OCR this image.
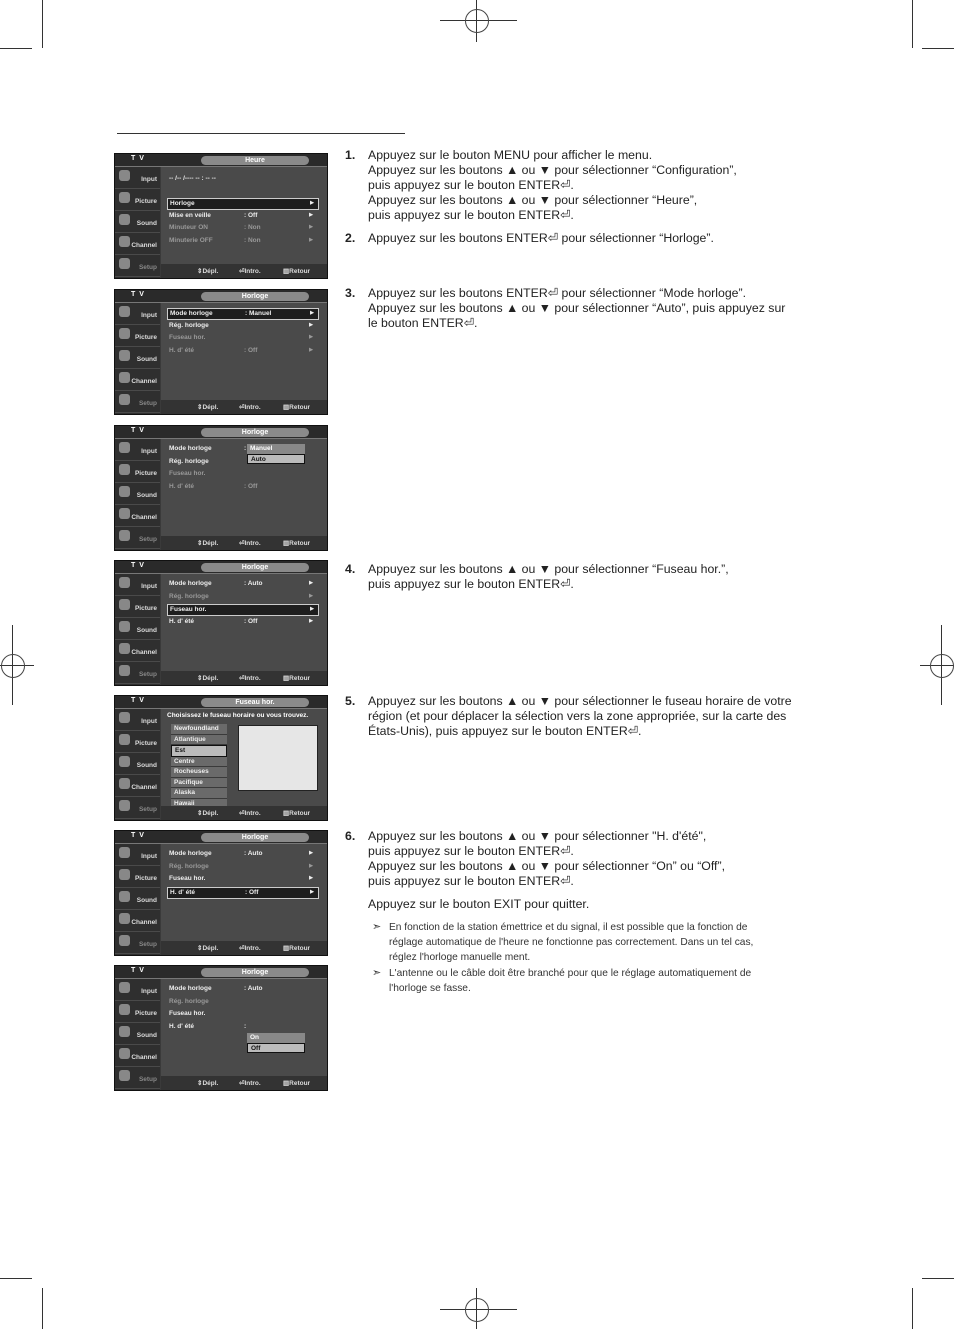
T V	Heure
Input
Picture
Sound
Channel
Setup
-- /-- /---- -- : -- --
Horloge	▶
Mise en veille	: Off	▶
Minuteur ON	: Non	▶
Minuterie OFF	: Non	▶
⇕Dépl.	⏎Intro.	▥Retour
T V	Horloge
Input
Picture
Sound
Channel
Setup
Mode horloge	: Manuel	▶
Rég. horloge	▶
Fuseau hor.	▶
H. d' été	: Off	▶
⇕Dépl.	⏎Intro.	▥Retour
T V	Horloge
Input
Picture
Sound
Channel
Setup
Mode horloge	:
Rég. horloge
Fuseau hor.
H. d' été	: Off
Manuel
Auto
⇕Dépl.	⏎Intro.	▥Retour
T V	Horloge
Input
Picture
Sound
Channel
Setup
Mode horloge	: Auto	▶
Rég. horloge	▶
Fuseau hor.	▶
H. d' été	: Off	▶
⇕Dépl.	⏎Intro.	▥Retour
T V	Fuseau hor.
Input
Picture
Sound
Channel
Setup
Choisissez le fuseau horaire ou vous trouvez.
Newfoundland
Atlantique
Est
Centre
Rocheuses
Pacifique
Alaska
Hawaii
⇕Dépl.	⏎Intro.	▥Retour
T V	Horloge
Input
Picture
Sound
Channel
Setup
Mode horloge	: Auto	▶
Rég. horloge	▶
Fuseau hor.	▶
H. d' été	: Off	▶
⇕Dépl.	⏎Intro.	▥Retour
T V	Horloge
Input
Picture
Sound
Channel
Setup
Mode horloge	: Auto
Rég. horloge
Fuseau hor.
H. d' été	:
On
Off
⇕Dépl.	⏎Intro.	▥Retour
1. Appuyez sur le bouton MENU pour afficher le menu.
Appuyez sur les boutons ▲ ou ▼ pour sélectionner “Configuration”,
puis appuyez sur le bouton ENTER⏎.
Appuyez sur les boutons ▲ ou ▼ pour sélectionner “Heure”,
puis appuyez sur le bouton ENTER⏎.
2. Appuyez sur les boutons ENTER⏎ pour sélectionner “Horloge”.
3. Appuyez sur les boutons ENTER⏎ pour sélectionner “Mode horloge”.
Appuyez sur les boutons ▲ ou ▼ pour sélectionner “Auto”, puis appuyez sur
le bouton ENTER⏎.
4. Appuyez sur les boutons ▲ ou ▼ pour sélectionner “Fuseau hor.”,
puis appuyez sur le bouton ENTER⏎.
5. Appuyez sur les boutons ▲ ou ▼ pour sélectionner le fuseau horaire de votre
région (et pour déplacer la sélection vers la zone appropriée, sur la carte des
États-Unis), puis appuyez sur le bouton ENTER⏎.
6. Appuyez sur les boutons ▲ ou ▼ pour sélectionner "H. d'été",
puis appuyez sur le bouton ENTER⏎.
Appuyez sur les boutons ▲ ou ▼ pour sélectionner “On” ou “Off”,
puis appuyez sur le bouton ENTER⏎.
Appuyez sur le bouton EXIT pour quitter.
➣ En fonction de la station émettrice et du signal, il est possible que la fonction de
réglage automatique de l'heure ne fonctionne pas correctement. Dans un tel cas,
réglez l'horloge manuelle ment.
➣ L'antenne ou le câble doit être branché pour que le réglage automatiquement de
l'horloge se fasse.
